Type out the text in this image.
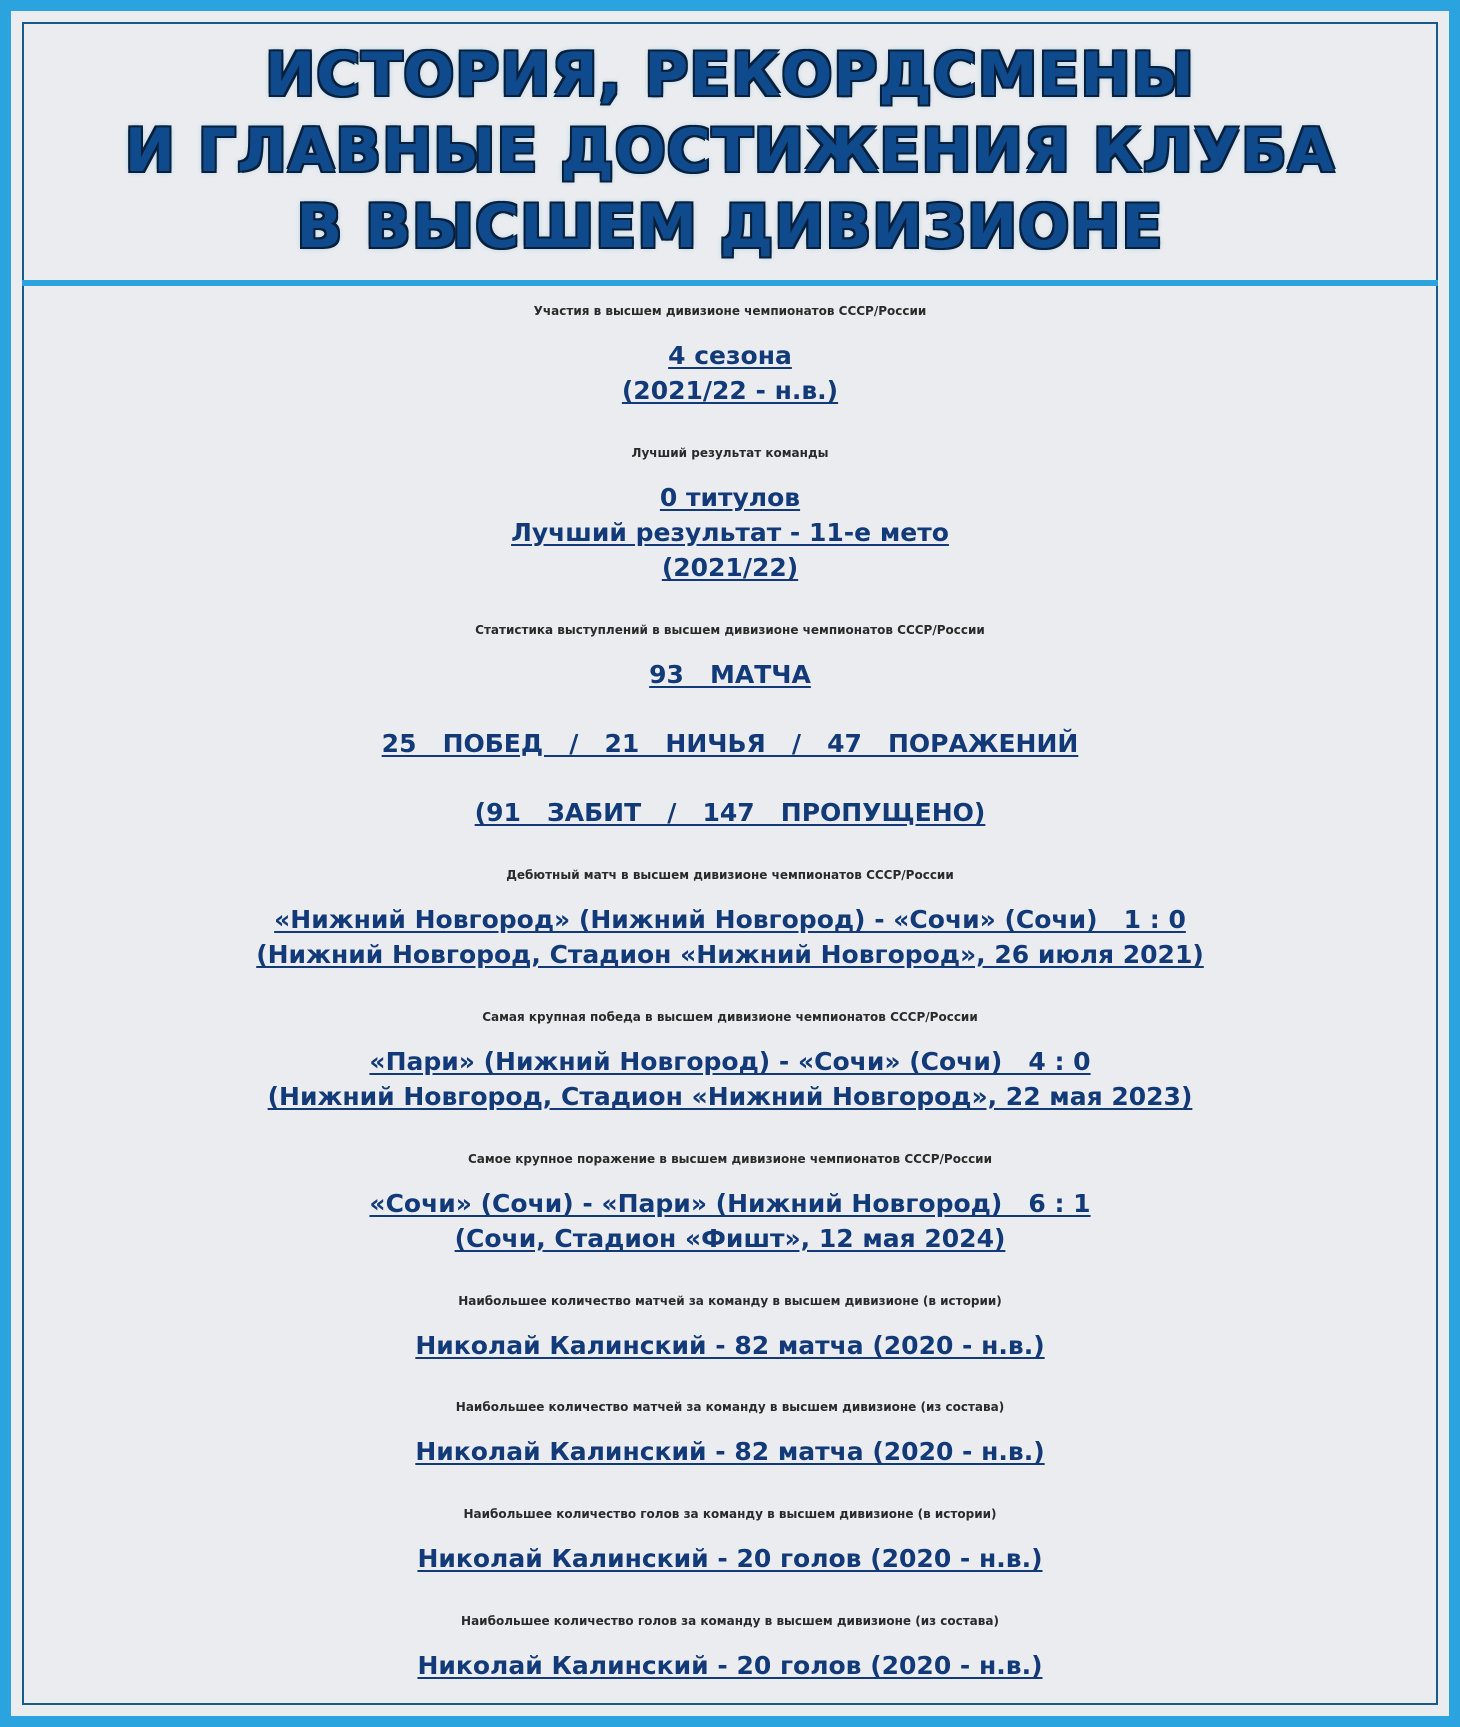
ИСТОРИЯ, РЕКОРДСМЕНЫ
И ГЛАВНЫЕ ДОСТИЖЕНИЯ КЛУБА
В ВЫСШЕМ ДИВИЗИОНЕ
Участия в высшем дивизионе чемпионатов СССР/России
4 сезона
(2021/22 - н.в.)
Лучший результат команды
0 титулов
Лучший результат - 11-е мето
(2021/22)
Статистика выступлений в высшем дивизионе чемпионатов СССР/России
93   МАТЧА
25   ПОБЕД   /   21   НИЧЬЯ   /   47   ПОРАЖЕНИЙ
(91   ЗАБИТ   /   147   ПРОПУЩЕНО)
Дебютный матч в высшем дивизионе чемпионатов СССР/России
«Нижний Новгород» (Нижний Новгород) - «Сочи» (Сочи)   1 : 0
(Нижний Новгород, Стадион «Нижний Новгород», 26 июля 2021)
Самая крупная победа в высшем дивизионе чемпионатов СССР/России
«Пари» (Нижний Новгород) - «Сочи» (Сочи)   4 : 0
(Нижний Новгород, Стадион «Нижний Новгород», 22 мая 2023)
Самое крупное поражение в высшем дивизионе чемпионатов СССР/России
«Сочи» (Сочи) - «Пари» (Нижний Новгород)   6 : 1
(Сочи, Стадион «Фишт», 12 мая 2024)
Наибольшее количество матчей за команду в высшем дивизионе (в истории)
Николай Калинский - 82 матча (2020 - н.в.)
Наибольшее количество матчей за команду в высшем дивизионе (из состава)
Николай Калинский - 82 матча (2020 - н.в.)
Наибольшее количество голов за команду в высшем дивизионе (в истории)
Николай Калинский - 20 голов (2020 - н.в.)
Наибольшее количество голов за команду в высшем дивизионе (из состава)
Николай Калинский - 20 голов (2020 - н.в.)
